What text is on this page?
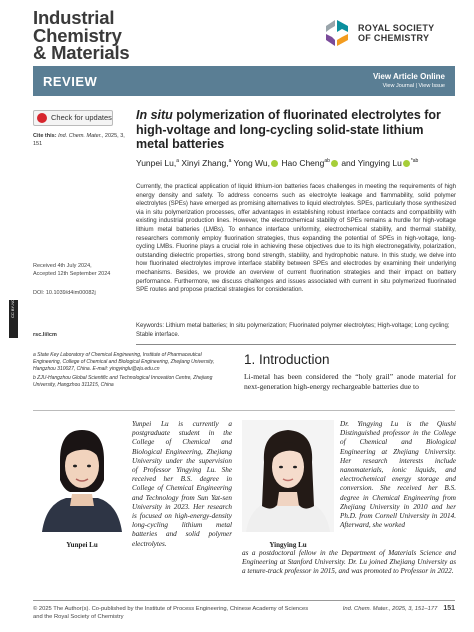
Industrial
Chemistry
& Materials
ROYAL SOCIETY
OF CHEMISTRY
REVIEW	View Article Online
View Journal | View Issue
Check for updates
Cite this: Ind. Chem. Mater., 2025, 3, 151
Received 4th July 2024,
Accepted 12th September 2024
DOI: 10.1039/d4im00082j
CC BY-NC
rsc.li/icm

a State Key Laboratory of Chemical Engineering, Institute of Pharmaceutical Engineering, College of Chemical and Biological Engineering, Zhejiang University, Hangzhou 310027, China. E-mail: yingyinglu@zju.edu.cn

b ZJU-Hangzhou Global Scientific and Technological Innovation Centre, Zhejiang University, Hangzhou 311215, China

In situ polymerization of fluorinated electrolytes for high-voltage and long-cycling solid-state lithium metal batteries
Yunpei Lu,$^a$ Xinyi Zhang,$^a$ Yong Wu, Hao Cheng$^{ab}$ and Yingying Lu $^{*ab}$
Currently, the practical application of liquid lithium-ion batteries faces challenges in meeting the requirements of high energy density and safety. To address concerns such as electrolyte leakage and flammability, solid polymer electrolytes (SPEs) have emerged as promising alternatives to liquid electrolytes. SPEs, particularly those synthesized via in situ polymerization processes, offer advantages in establishing robust interface contacts and compatibility with existing industrial production lines. However, the electrochemical stability of SPEs remains a hurdle for high-voltage lithium metal batteries (LMBs). To enhance interface uniformity, electrochemical stability, and thermal stability, researchers commonly employ fluorination strategies, thus expanding the potential of SPEs in high-voltage, long-cycling LMBs. Fluorine plays a crucial role in achieving these objectives due to its high electronegativity, polarization, outstanding dielectric properties, strong bond strength, stability, and hydrophobic nature. In this study, we delve into how fluorinated electrolytes improve interface stability between SPEs and electrodes by examining their underlying mechanisms. Besides, we provide an overview of current fluorination strategies and their impact on battery performance. Furthermore, we discuss challenges and issues associated with current in situ polymerized fluorinated SPE routes and propose practical strategies for consideration.
Keywords: Lithium metal batteries; In situ polymerization; Fluorinated polymer electrolytes; High-voltage; Long cycling; Stable interface.
1. Introduction
Li-metal has been considered the “holy grail” anode material for next-generation high-energy rechargeable batteries due to
Yunpei Lu
Yunpei Lu is currently a postgraduate student in the College of Chemical and Biological Engineering, Zhejiang University under the supervision of Professor Yingying Lu. She received her B.S. degree in College of Chemical Engineering and Technology from Sun Yat-sen University in 2023. Her research is focused on high-energy-density long-cycling lithium metal batteries and solid polymer electrolytes.	Yingying Lu
Dr. Yingying Lu is the Qiushi Distinguished professor in the College of Chemical and Biological Engineering at Zhejiang University. Her research interests include nanomaterials, ionic liquids, and electrochemical energy storage and conversion. She received her B.S. degree in Chemical Engineering from Zhejiang University in 2010 and her Ph.D. from Cornell University in 2014. Afterward, she worked
as a postdoctoral fellow in the Department of Materials Science and Engineering at Stanford University. Dr. Lu joined Zhejiang University as a tenure-track professor in 2015, and was promoted to Professor in 2022.
© 2025 The Author(s). Co-published by the Institute of Process Engineering, Chinese Academy of Sciences and the Royal Society of Chemistry
Ind. Chem. Mater., 2025, 3, 151–177 151
